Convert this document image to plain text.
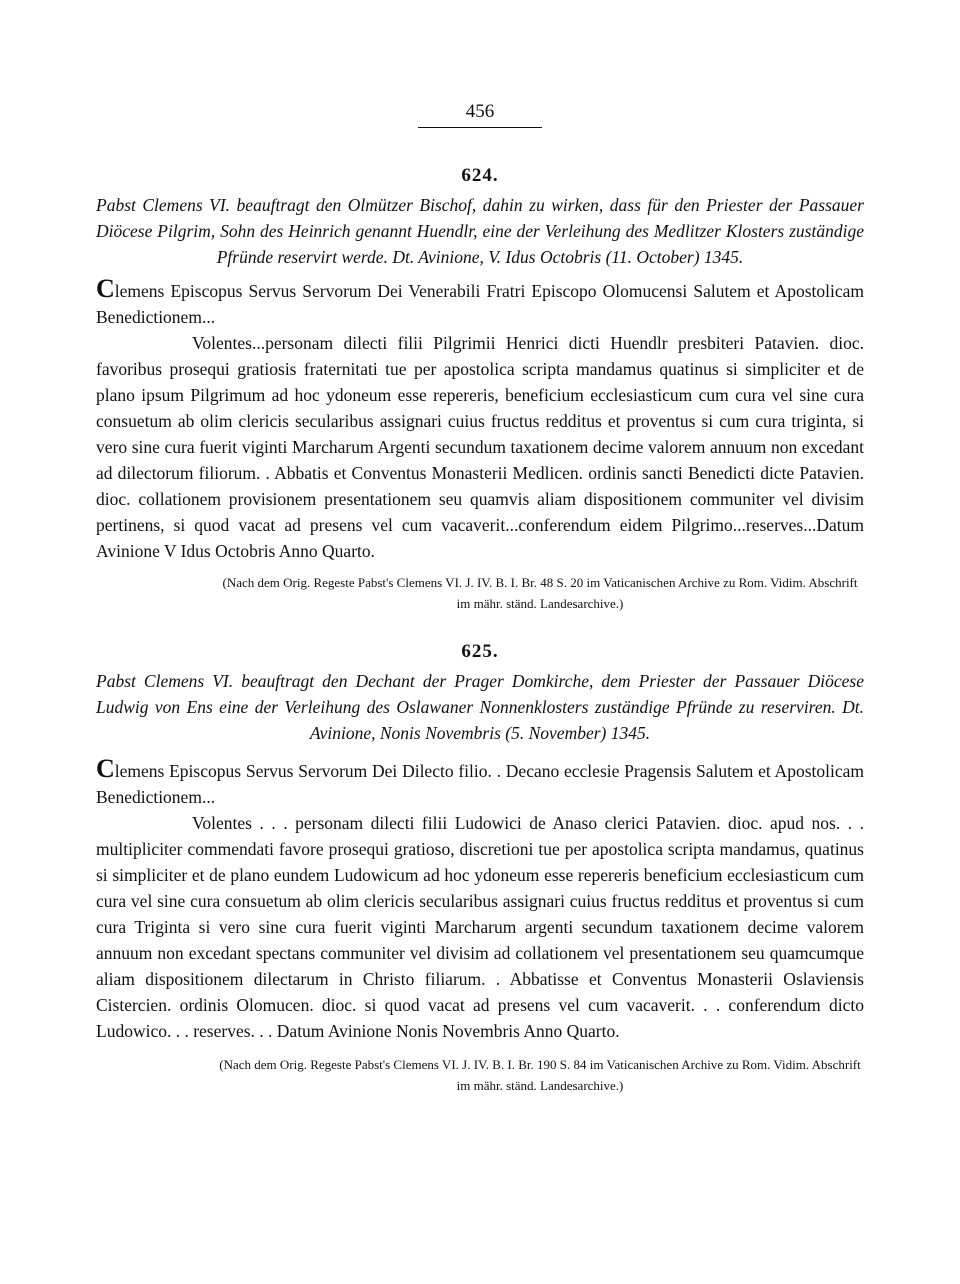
456
624.
Pabst Clemens VI. beauftragt den Olmützer Bischof, dahin zu wirken, dass für den Priester der Passauer Diöcese Pilgrim, Sohn des Heinrich genannt Huendlr, eine der Verleihung des Medlitzer Klosters zuständige Pfründe reservirt werde. Dt. Avinione, V. Idus Octobris (11. October) 1345.

Clemens Episcopus Servus Servorum Dei Venerabili Fratri Episcopo Olomucensi Salutem et Apostolicam Benedictionem...

Volentes...personam dilecti filii Pilgrimii Henrici dicti Huendlr presbiteri Patavien. dioc. favoribus prosequi gratiosis fraternitati tue per apostolica scripta mandamus quatinus si simpliciter et de plano ipsum Pilgrimum ad hoc ydoneum esse repereris, beneficium ecclesiasticum cum cura vel sine cura consuetum ab olim clericis secularibus assignari cuius fructus redditus et proventus si cum cura triginta, si vero sine cura fuerit viginti Marcharum Argenti secundum taxationem decime valorem annuum non excedant ad dilectorum filiorum. . Abbatis et Conventus Monasterii Medlicen. ordinis sancti Benedicti dicte Patavien. dioc. collationem provisionem presentationem seu quamvis aliam dispositionem communiter vel divisim pertinens, si quod vacat ad presens vel cum vacaverit...conferendum eidem Pilgrimo...reserves...Datum Avinione V Idus Octobris Anno Quarto.

(Nach dem Orig. Regeste Pabst's Clemens VI. J. IV. B. I. Br. 48 S. 20 im Vaticanischen Archive zu Rom. Vidim. Abschrift im mähr. ständ. Landesarchive.)
625.
Pabst Clemens VI. beauftragt den Dechant der Prager Domkirche, dem Priester der Passauer Diöcese Ludwig von Ens eine der Verleihung des Oslawaner Nonnenklosters zuständige Pfründe zu reserviren. Dt. Avinione, Nonis Novembris (5. November) 1345.

Clemens Episcopus Servus Servorum Dei Dilecto filio. . Decano ecclesie Pragensis Salutem et Apostolicam Benedictionem...

Volentes . . . personam dilecti filii Ludowici de Anaso clerici Patavien. dioc. apud nos. . . multipliciter commendati favore prosequi gratioso, discretioni tue per apostolica scripta mandamus, quatinus si simpliciter et de plano eundem Ludowicum ad hoc ydoneum esse repereris beneficium ecclesiasticum cum cura vel sine cura consuetum ab olim clericis secularibus assignari cuius fructus redditus et proventus si cum cura Triginta si vero sine cura fuerit viginti Marcharum argenti secundum taxationem decime valorem annuum non excedant spectans communiter vel divisim ad collationem vel presentationem seu quamcumque aliam dispositionem dilectarum in Christo filiarum. . Abbatisse et Conventus Monasterii Oslaviensis Cistercien. ordinis Olomucen. dioc. si quod vacat ad presens vel cum vacaverit. . . conferendum dicto Ludowico. . . reserves. . . Datum Avinione Nonis Novembris Anno Quarto.

(Nach dem Orig. Regeste Pabst's Clemens VI. J. IV. B. I. Br. 190 S. 84 im Vaticanischen Archive zu Rom. Vidim. Abschrift im mähr. ständ. Landesarchive.)
